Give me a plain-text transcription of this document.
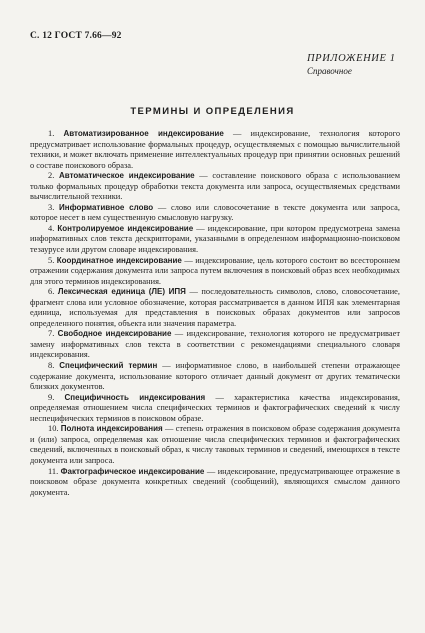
С. 12 ГОСТ 7.66—92
ПРИЛОЖЕНИЕ 1
Справочное
ТЕРМИНЫ И ОПРЕДЕЛЕНИЯ

1. Автоматизированное индексирование — индексирование, технология которого предусматривает использование формальных процедур, осуществляемых с помощью вычислительной техники, и может включать применение интеллектуальных процедур при принятии основных решений о составе поискового образа.

2. Автоматическое индексирование — составление поискового образа с использованием только формальных процедур обработки текста документа или запроса, осуществляемых средствами вычислительной техники.

3. Информативное слово — слово или словосочетание в тексте документа или запроса, которое несет в нем существенную смысловую нагрузку.

4. Контролируемое индексирование — индексирование, при котором предусмотрена замена информативных слов текста дескрипторами, указанными в определенном информационно-поисковом тезаурусе или другом словаре индексирования.

5. Координатное индексирование — индексирование, цель которого состоит во всестороннем отражении содержания документа или запроса путем включения в поисковый образ всех необходимых для этого терминов индексирования.

6. Лексическая единица (ЛЕ) ИПЯ — последовательность символов, слово, словосочетание, фрагмент слова или условное обозначение, которая рассматривается в данном ИПЯ как элементарная единица, используемая для представления в поисковых образах документов или запросов определенного понятия, объекта или значения параметра.

7. Свободное индексирование — индексирование, технология которого не предусматривает замену информативных слов текста в соответствии с рекомендациями специального словаря индексирования.

8. Специфический термин — информативное слово, в наибольшей степени отражающее содержание документа, использование которого отличает данный документ от других тематически близких документов.

9. Специфичность индексирования — характеристика качества индексирования, определяемая отношением числа специфических терминов и фактографических сведений к числу неспецифических терминов в поисковом образе.

10. Полнота индексирования — степень отражения в поисковом образе содержания документа и (или) запроса, определяемая как отношение числа специфических терминов и фактографических сведений, включенных в поисковый образ, к числу таковых терминов и сведений, имеющихся в тексте документа или запроса.

11. Фактографическое индексирование — индексирование, предусматривающее отражение в поисковом образе документа конкретных сведений (сообщений), являющихся смыслом данного документа.
